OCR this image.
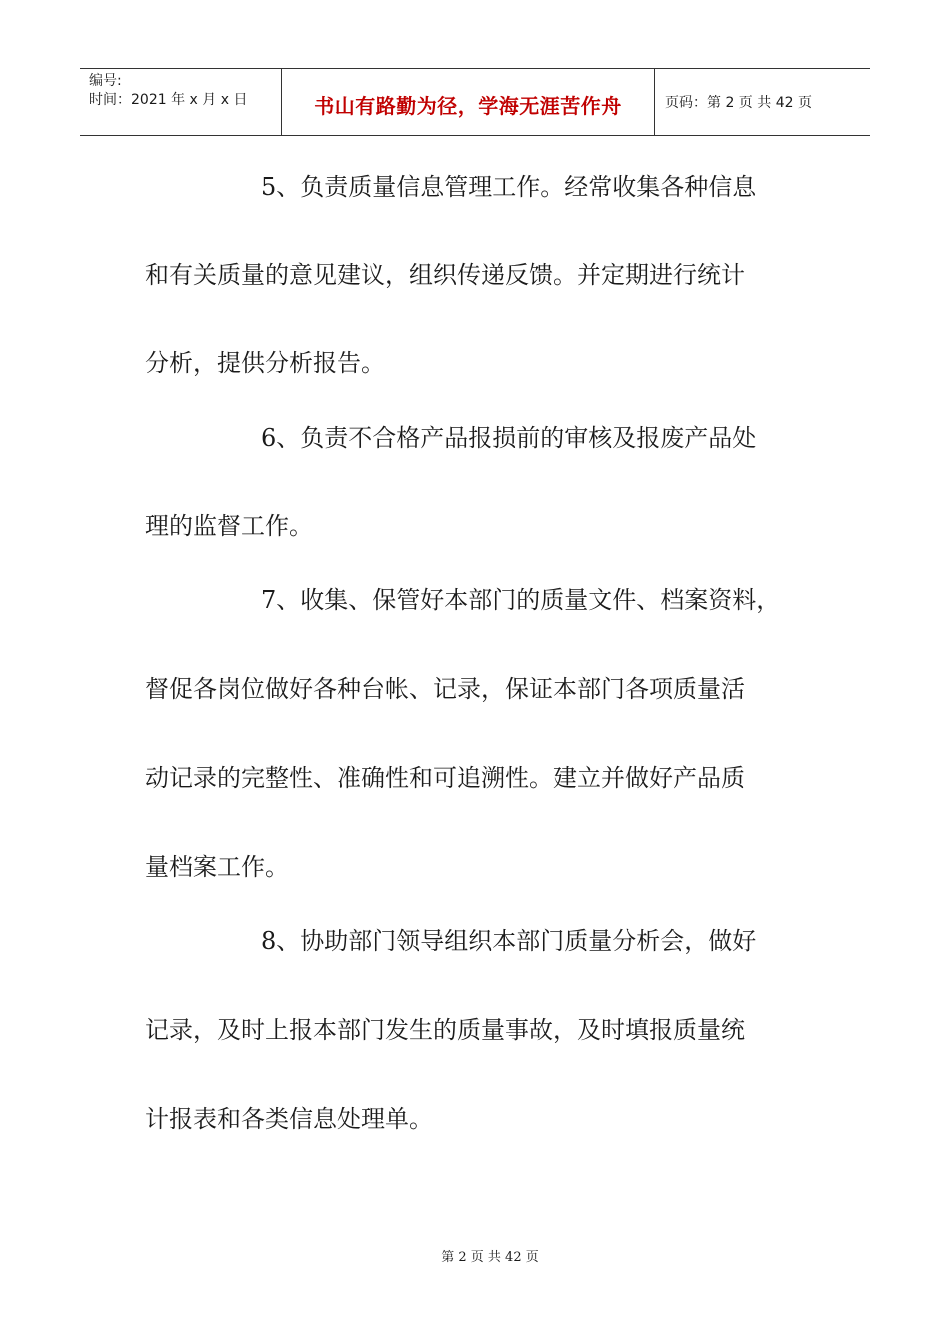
编号:
时间：2021 年 x 月 x 日	书山有路勤为径，学海无涯苦作舟	页码：第 2 页 共 42 页
5、负责质量信息管理工作。经常收集各种信息
和有关质量的意见建议，组织传递反馈。并定期进行统计
分析，提供分析报告。
6、负责不合格产品报损前的审核及报废产品处
理的监督工作。
7、收集、保管好本部门的质量文件、档案资料，
督促各岗位做好各种台帐、记录，保证本部门各项质量活
动记录的完整性、准确性和可追溯性。建立并做好产品质
量档案工作。
8、协助部门领导组织本部门质量分析会，做好
记录，及时上报本部门发生的质量事故，及时填报质量统
计报表和各类信息处理单。
第 2 页 共 42 页
